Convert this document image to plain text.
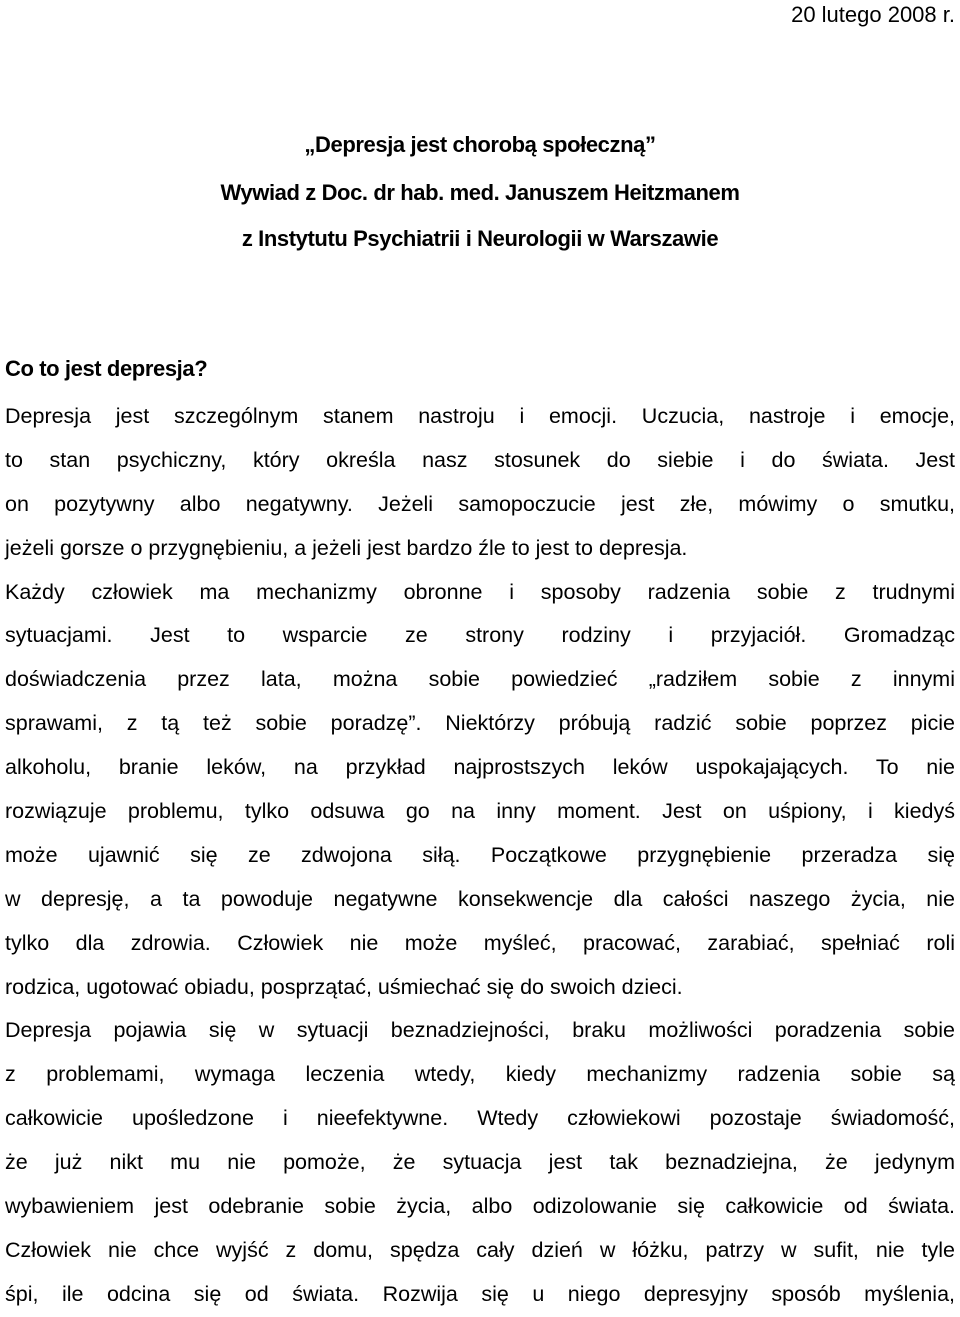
20 lutego 2008 r.
„Depresja jest chorobą społeczną”
Wywiad z Doc. dr hab. med. Januszem Heitzmanem
z Instytutu Psychiatrii i Neurologii w Warszawie
Co to jest depresja?
Depresja jest szczególnym stanem nastroju i emocji. Uczucia, nastroje i emocje,
to stan psychiczny, który określa nasz stosunek do siebie i do świata. Jest
on pozytywny albo negatywny. Jeżeli samopoczucie jest złe, mówimy o smutku,
jeżeli gorsze o przygnębieniu, a jeżeli jest bardzo źle to jest to depresja.
Każdy człowiek ma mechanizmy obronne i sposoby radzenia sobie z trudnymi
sytuacjami. Jest to wsparcie ze strony rodziny i przyjaciół. Gromadząc
doświadczenia przez lata, można sobie powiedzieć „radziłem sobie z innymi
sprawami, z tą też sobie poradzę”. Niektórzy próbują radzić sobie poprzez picie
alkoholu, branie leków, na przykład najprostszych leków uspokajających. To nie
rozwiązuje problemu, tylko odsuwa go na inny moment. Jest on uśpiony, i kiedyś
może ujawnić się ze zdwojona siłą. Początkowe przygnębienie przeradza się
w depresję, a ta powoduje negatywne konsekwencje dla całości naszego życia, nie
tylko dla zdrowia. Człowiek nie może myśleć, pracować, zarabiać, spełniać roli
rodzica, ugotować obiadu, posprzątać, uśmiechać się do swoich dzieci.
Depresja pojawia się w sytuacji beznadziejności, braku możliwości poradzenia sobie
z problemami, wymaga leczenia wtedy, kiedy mechanizmy radzenia sobie są
całkowicie upośledzone i nieefektywne. Wtedy człowiekowi pozostaje świadomość,
że już nikt mu nie pomoże, że sytuacja jest tak beznadziejna, że jedynym
wybawieniem jest odebranie sobie życia, albo odizolowanie się całkowicie od świata.
Człowiek nie chce wyjść z domu, spędza cały dzień w łóżku, patrzy w sufit, nie tyle
śpi, ile odcina się od świata. Rozwija się u niego depresyjny sposób myślenia,
